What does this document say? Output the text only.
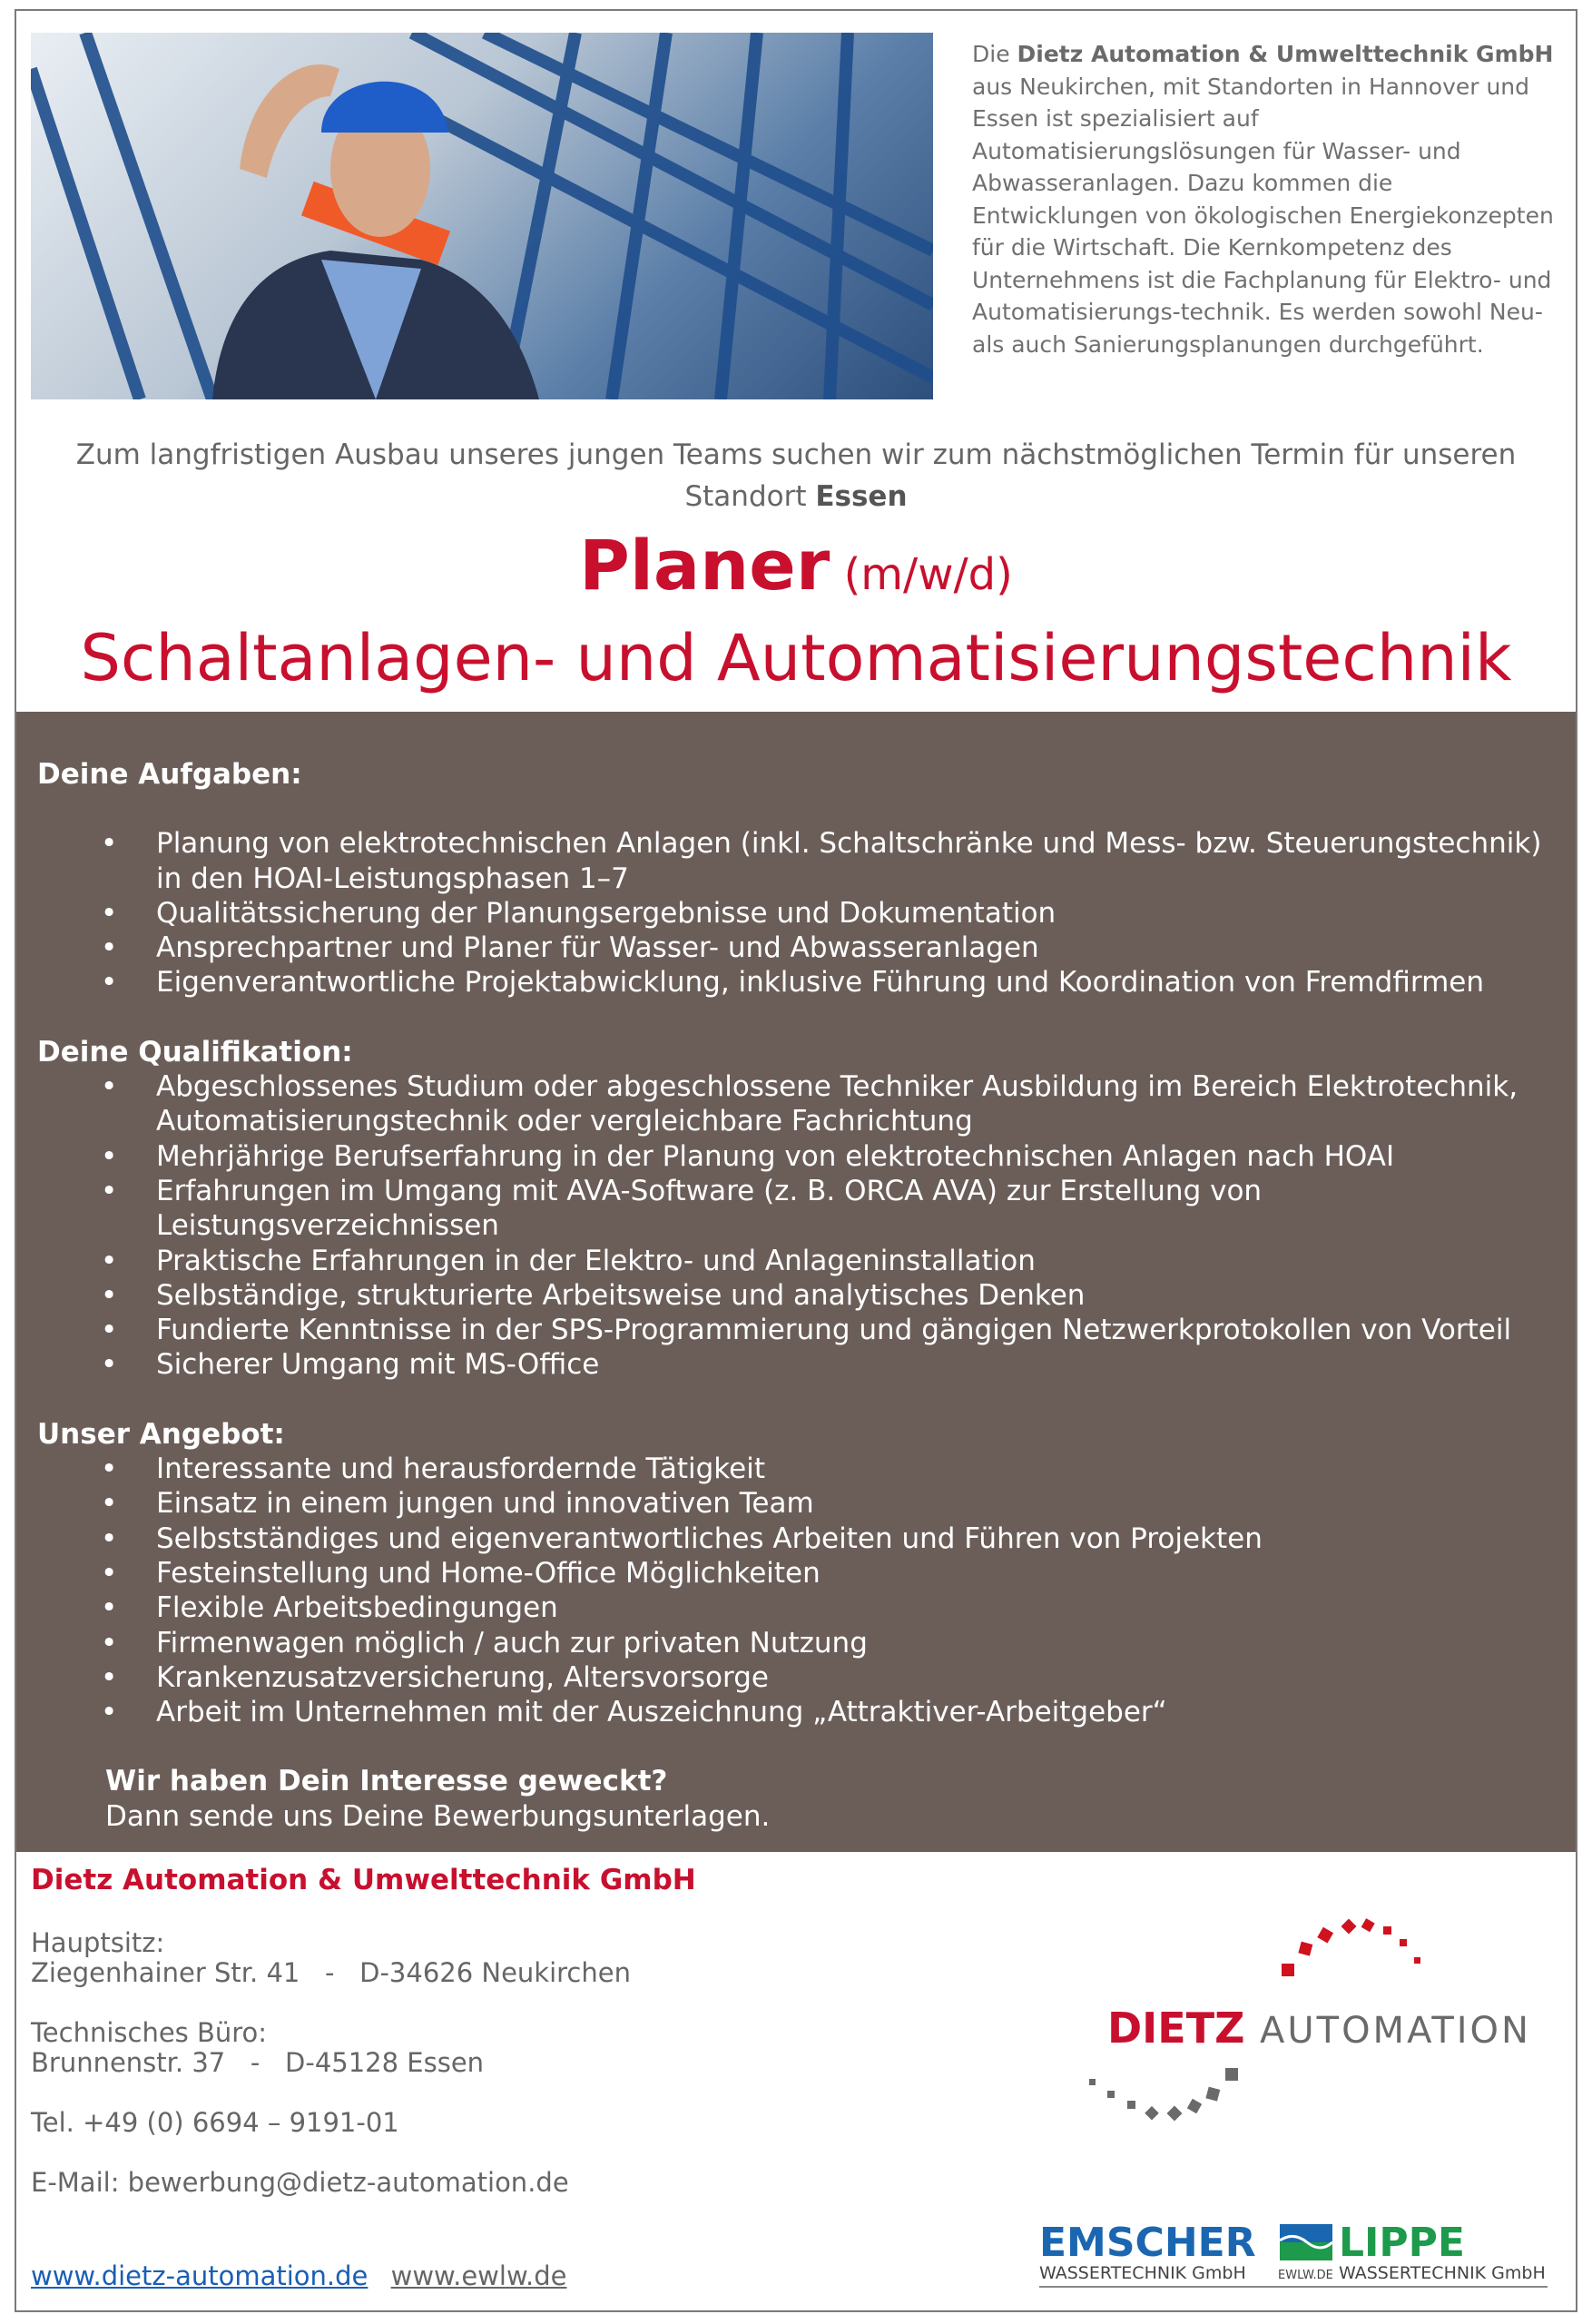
Die Dietz Automation & Umwelttechnik GmbH aus Neukirchen, mit Standorten in Hannover und Essen ist spezialisiert auf Automatisierungslösungen für Wasser- und Abwasseranlagen. Dazu kommen die Entwicklungen von ökologischen Energiekonzepten für die Wirtschaft. Die Kernkompetenz des Unternehmens ist die Fachplanung für Elektro- und Automatisierungs-technik. Es werden sowohl Neu- als auch Sanierungsplanungen durchgeführt.
Zum langfristigen Ausbau unseres jungen Teams suchen wir zum nächstmöglichen Termin für unseren Standort Essen
Planer (m/w/d)
Schaltanlagen- und Automatisierungstechnik
Deine Aufgaben:
• Planung von elektrotechnischen Anlagen (inkl. Schaltschränke und Mess- bzw. Steuerungstechnik) in den HOAI-Leistungsphasen 1–7
• Qualitätssicherung der Planungsergebnisse und Dokumentation
• Ansprechpartner und Planer für Wasser- und Abwasseranlagen
• Eigenverantwortliche Projektabwicklung, inklusive Führung und Koordination von Fremdfirmen
Deine Qualifikation:
• Abgeschlossenes Studium oder abgeschlossene Techniker Ausbildung im Bereich Elektrotechnik, Automatisierungstechnik oder vergleichbare Fachrichtung
• Mehrjährige Berufserfahrung in der Planung von elektrotechnischen Anlagen nach HOAI
• Erfahrungen im Umgang mit AVA-Software (z. B. ORCA AVA) zur Erstellung von Leistungsverzeichnissen
• Praktische Erfahrungen in der Elektro- und Anlageninstallation
• Selbständige, strukturierte Arbeitsweise und analytisches Denken
• Fundierte Kenntnisse in der SPS-Programmierung und gängigen Netzwerkprotokollen von Vorteil
• Sicherer Umgang mit MS-Office
Unser Angebot:
• Interessante und herausfordernde Tätigkeit
• Einsatz in einem jungen und innovativen Team
• Selbstständiges und eigenverantwortliches Arbeiten und Führen von Projekten
• Festeinstellung und Home-Office Möglichkeiten
• Flexible Arbeitsbedingungen
• Firmenwagen möglich / auch zur privaten Nutzung
• Krankenzusatzversicherung, Altersvorsorge
• Arbeit im Unternehmen mit der Auszeichnung „Attraktiver-Arbeitgeber“
Wir haben Dein Interesse geweckt?
Dann sende uns Deine Bewerbungsunterlagen.
Dietz Automation & Umwelttechnik GmbH

Hauptsitz:
Ziegenhainer Str. 41   -   D-34626 Neukirchen

Technisches Büro:
Brunnenstr. 37   -   D-45128 Essen

Tel. +49 (0) 6694 – 9191-01

E-Mail: bewerbung@dietz-automation.de

www.dietz-automation.de www.ewlw.de
DIETZ AUTOMATION
EMSCHER LIPPE
WASSERTECHNIK GmbH	EWLW.DE WASSERTECHNIK GmbH
